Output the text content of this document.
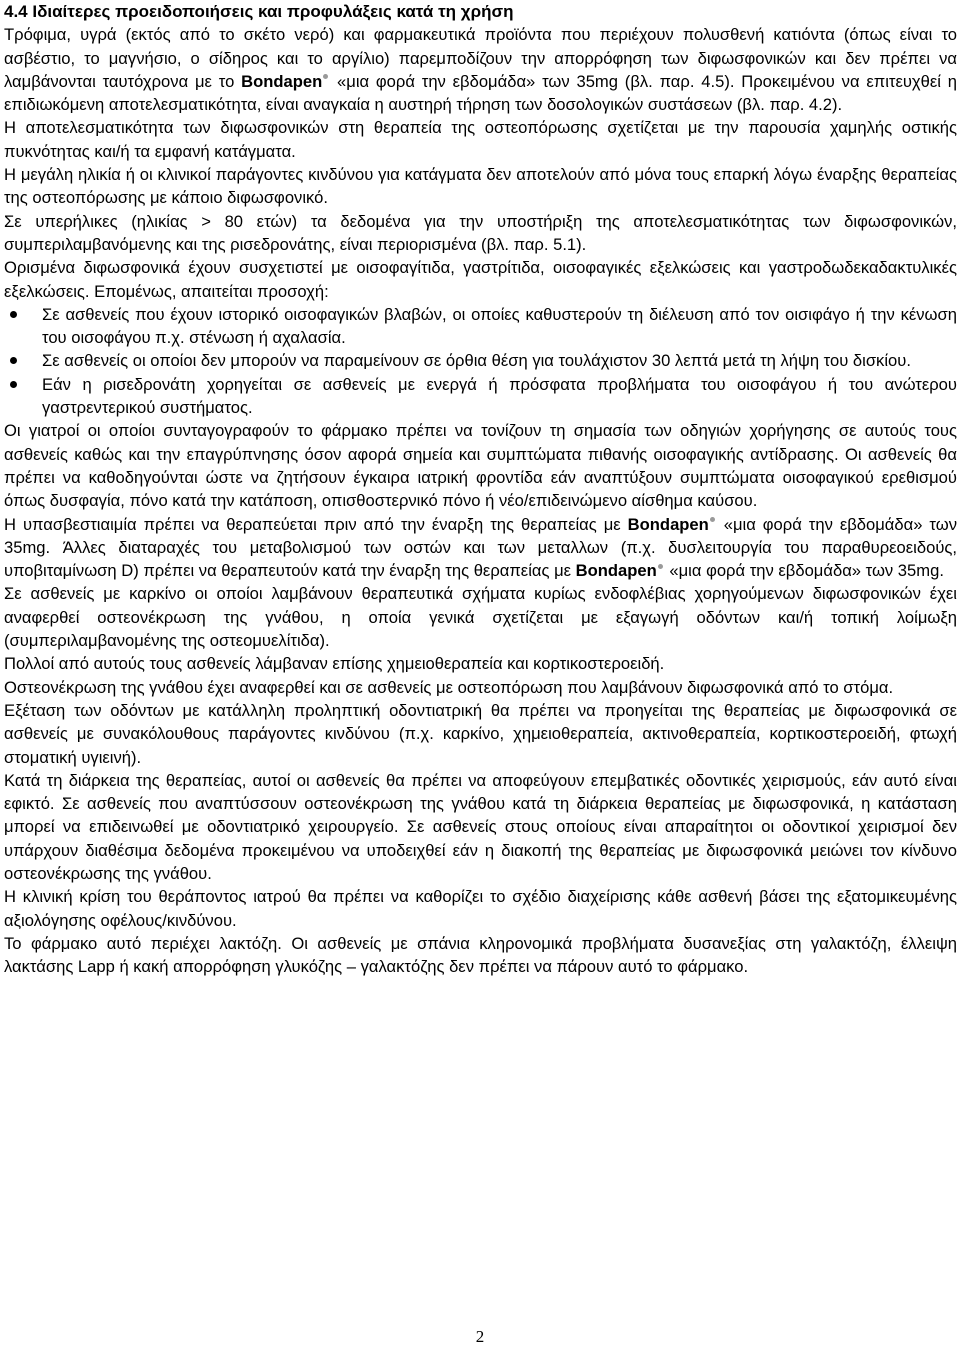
4.4 Ιδιαίτερες προειδοποιήσεις και προφυλάξεις κατά τη χρήση

Τρόφιμα, υγρά (εκτός από το σκέτο νερό) και φαρμακευτικά προϊόντα που περιέχουν πολυσθενή κατιόντα (όπως είναι το ασβέστιο, το μαγνήσιο, ο σίδηρος και το αργίλιο) παρεμποδίζουν την απορρόφηση των διφωσφονικών και δεν πρέπει να λαμβάνονται ταυτόχρονα με το Bondapen «μια φορά την εβδομάδα» των 35mg (βλ. παρ. 4.5). Προκειμένου να επιτευχθεί η επιδιωκόμενη αποτελεσματικότητα, είναι αναγκαία η αυστηρή τήρηση των δοσολογικών συστάσεων (βλ. παρ. 4.2).

Η αποτελεσματικότητα των διφωσφονικών στη θεραπεία της οστεοπόρωσης σχετίζεται με την παρουσία χαμηλής οστικής πυκνότητας και/ή τα εμφανή κατάγματα.

Η μεγάλη ηλικία ή οι κλινικοί παράγοντες κινδύνου για κατάγματα δεν αποτελούν από μόνα τους επαρκή λόγω έναρξης θεραπείας της οστεοπόρωσης με κάποιο διφωσφονικό.

Σε υπερήλικες (ηλικίας > 80 ετών) τα δεδομένα για την υποστήριξη της αποτελεσματικότητας των διφωσφονικών, συμπεριλαμβανόμενης και της ρισεδρονάτης, είναι περιορισμένα (βλ. παρ. 5.1).

Ορισμένα διφωσφονικά έχουν συσχετιστεί με οισοφαγίτιδα, γαστρίτιδα, οισοφαγικές εξελκώσεις και γαστροδωδεκαδακτυλικές εξελκώσεις. Επομένως, απαιτείται προσοχή:

Σε ασθενείς που έχουν ιστορικό οισοφαγικών βλαβών, οι οποίες καθυστερούν τη διέλευση από τον οισιφάγο ή την κένωση του οισοφάγου π.χ. στένωση ή αχαλασία.
Σε ασθενείς οι οποίοι δεν μπορούν να παραμείνουν σε όρθια θέση για τουλάχιστον 30 λεπτά μετά τη λήψη του δισκίου.
Εάν η ρισεδρονάτη χορηγείται σε ασθενείς με ενεργά ή πρόσφατα προβλήματα του οισοφάγου ή του ανώτερου γαστρεντερικού συστήματος.

Οι γιατροί οι οποίοι συνταγογραφούν το φάρμακο πρέπει να τονίζουν τη σημασία των οδηγιών χορήγησης σε αυτούς τους ασθενείς καθώς και την επαγρύπνησης όσον αφορά σημεία και συμπτώματα πιθανής οισοφαγικής αντίδρασης. Οι ασθενείς θα πρέπει να καθοδηγούνται ώστε να ζητήσουν έγκαιρα ιατρική φροντίδα εάν αναπτύξουν συμπτώματα οισοφαγικού ερεθισμού όπως δυσφαγία, πόνο κατά την κατάποση, οπισθοστερνικό πόνο ή νέο/επιδεινώμενο αίσθημα καύσου.

Η υπασβεστιαιμία πρέπει να θεραπεύεται πριν από την έναρξη της θεραπείας με Bondapen «μια φορά την εβδομάδα» των 35mg. Άλλες διαταραχές του μεταβολισμού των οστών και των μεταλλων (π.χ. δυσλειτουργία του παραθυρεοειδούς, υποβιταμίνωση D) πρέπει να θεραπευτούν κατά την έναρξη της θεραπείας με Bondapen «μια φορά την εβδομάδα» των 35mg.

Σε ασθενείς με καρκίνο οι οποίοι λαμβάνουν θεραπευτικά σχήματα κυρίως ενδοφλέβιας χορηγούμενων διφωσφονικών έχει αναφερθεί οστεονέκρωση της γνάθου, η οποία γενικά σχετίζεται με εξαγωγή οδόντων και/ή τοπική λοίμωξη (συμπεριλαμβανομένης της οστεομυελίτιδα).

Πολλοί από αυτούς τους ασθενείς λάμβαναν επίσης χημειοθεραπεία και κορτικοστεροειδή.

Οστεονέκρωση της γνάθου έχει αναφερθεί και σε ασθενείς με οστεοπόρωση που λαμβάνουν διφωσφονικά από το στόμα.

Εξέταση των οδόντων με κατάλληλη προληπτική οδοντιατρική θα πρέπει να προηγείται της θεραπείας με διφωσφονικά σε ασθενείς με συνακόλουθους παράγοντες κινδύνου (π.χ. καρκίνο, χημειοθεραπεία, ακτινοθεραπεία, κορτικοστεροειδή, φτωχή στοματική υγιεινή).

Κατά τη διάρκεια της θεραπείας, αυτοί οι ασθενείς θα πρέπει να αποφεύγουν επεμβατικές οδοντικές χειρισμούς, εάν αυτό είναι εφικτό. Σε ασθενείς που αναπτύσσουν οστεονέκρωση της γνάθου κατά τη διάρκεια θεραπείας με διφωσφονικά, η κατάσταση μπορεί να επιδεινωθεί με οδοντιατρικό χειρουργείο. Σε ασθενείς στους οποίους είναι απαραίτητοι οι οδοντικοί χειρισμοί δεν υπάρχουν διαθέσιμα δεδομένα προκειμένου να υποδειχθεί εάν η διακοπή της θεραπείας με διφωσφονικά μειώνει τον κίνδυνο οστεονέκρωσης της γνάθου.

Η κλινική κρίση του θεράποντος ιατρού θα πρέπει να καθορίζει το σχέδιο διαχείρισης κάθε ασθενή βάσει της εξατομικευμένης αξιολόγησης οφέλους/κινδύνου.

Το φάρμακο αυτό περιέχει λακτόζη. Οι ασθενείς με σπάνια κληρονομικά προβλήματα δυσανεξίας στη γαλακτόζη, έλλειψη λακτάσης Lapp ή κακή απορρόφηση γλυκόζης – γαλακτόζης δεν πρέπει να πάρουν αυτό το φάρμακο.

2
